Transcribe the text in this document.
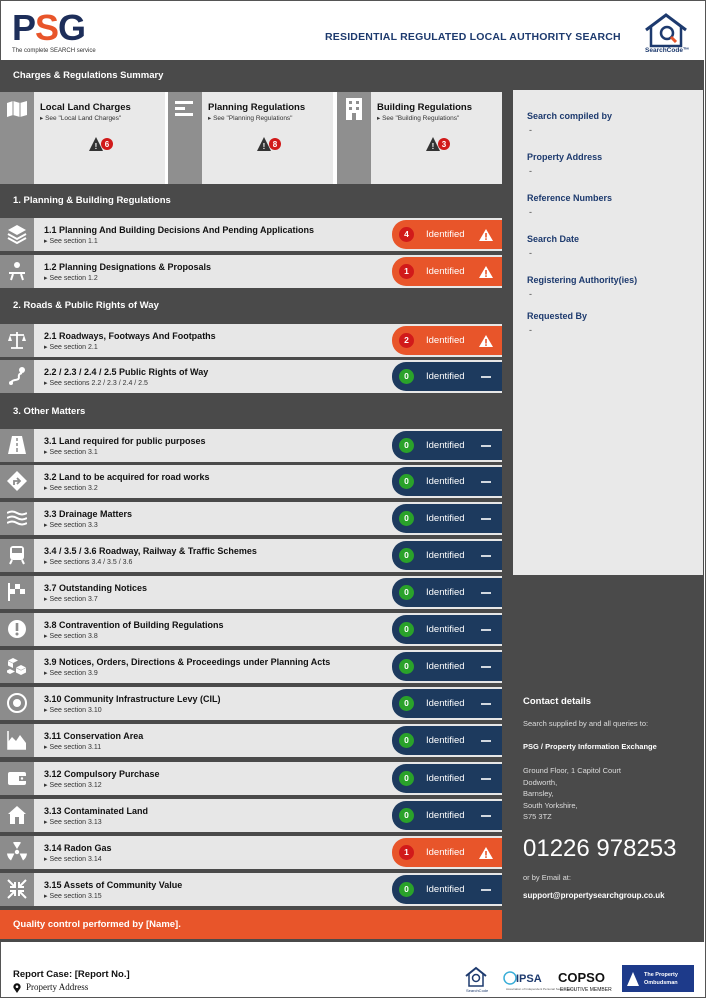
PSG
The complete SEARCH service
RESIDENTIAL REGULATED LOCAL AUTHORITY SEARCH
SearchCode™
Charges & Regulations Summary
Local Land Charges
▸ See "Local Land Charges"
! 6
Planning Regulations
▸ See "Planning Regulations"
! 8
Building Regulations
▸ See "Building Regulations"
! 3
1. Planning & Building Regulations
2. Roads & Public Rights of Way
3. Other Matters
1.1 Planning And Building Decisions And Pending Applications
▸ See section 1.1
4	Identified
1.2 Planning Designations & Proposals
▸ See section 1.2
1	Identified
2.1 Roadways, Footways And Footpaths
▸ See section 2.1
2	Identified
2.2 / 2.3 / 2.4 / 2.5 Public Rights of Way
▸ See sections 2.2 / 2.3 / 2.4 / 2.5
0	Identified
3.1 Land required for public purposes
▸ See section 3.1
0	Identified
3.2 Land to be acquired for road works
▸ See section 3.2
0	Identified
3.3 Drainage Matters
▸ See section 3.3
0	Identified
3.4 / 3.5 / 3.6 Roadway, Railway & Traffic Schemes
▸ See sections 3.4 / 3.5 / 3.6
0	Identified
3.7 Outstanding Notices
▸ See section 3.7
0	Identified
3.8 Contravention of Building Regulations
▸ See section 3.8
0	Identified
3.9 Notices, Orders, Directions & Proceedings under Planning Acts
▸ See section 3.9
0	Identified
3.10 Community Infrastructure Levy (CIL)
▸ See section 3.10
0	Identified
3.11 Conservation Area
▸ See section 3.11
0	Identified
3.12 Compulsory Purchase
▸ See section 3.12
0	Identified
3.13 Contaminated Land
▸ See section 3.13
0	Identified
3.14 Radon Gas
▸ See section 3.14
1	Identified
3.15 Assets of Community Value
▸ See section 3.15
0	Identified
Quality control performed by [Name].
Search compiled by
-
Property Address
-
Reference Numbers
-
Search Date
-
Registering Authority(ies)
-
Requested By
-
Contact details
Search supplied by and all queries to:
PSG / Property Information Exchange
Ground Floor, 1 Capitol Court
Dodworth,
Barnsley,
South Yorkshire,
S75 3TZ
01226 978253
or by Email at:
support@propertysearchgroup.co.uk
Report Case: [Report No.]
Property Address	SearchCode
IPSA
Association of Independent Personal Search Agents
COPSO
EXECUTIVE MEMBER
The Property
Ombudsman
